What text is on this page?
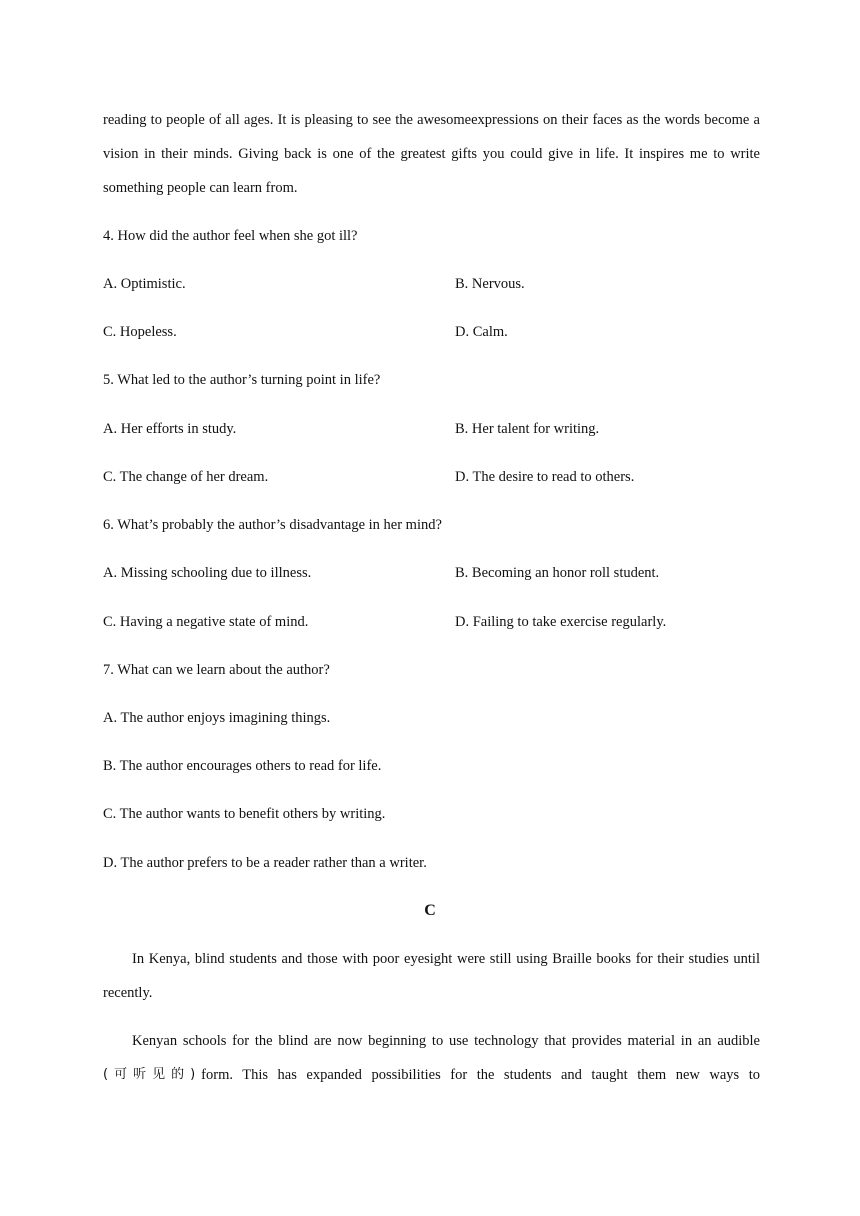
reading to people of all ages. It is pleasing to see the awesomeexpressions on their faces as the words become a vision in their minds. Giving back is one of the greatest gifts you could give in life. It inspires me to write something people can learn from.
4. How did the author feel when she got ill?
A. Optimistic.	B. Nervous.
C. Hopeless.	D. Calm.
5. What led to the author’s turning point in life?
A. Her efforts in study.	B. Her talent for writing.
C. The change of her dream.	D. The desire to read to others.
6. What’s probably the author’s disadvantage in her mind?
A. Missing schooling due to illness.	B. Becoming an honor roll student.
C. Having a negative state of mind.	D. Failing to take exercise regularly.
7. What can we learn about the author?
A. The author enjoys imagining things.
B. The author encourages others to read for life.
C. The author wants to benefit others by writing.
D. The author prefers to be a reader rather than a writer.
C
In Kenya, blind students and those with poor eyesight were still using Braille books for their studies until recently.
Kenyan schools for the blind are now beginning to use technology that provides material in an audible
(可听见的) form. This has expanded possibilities for the students and taught them new ways to
